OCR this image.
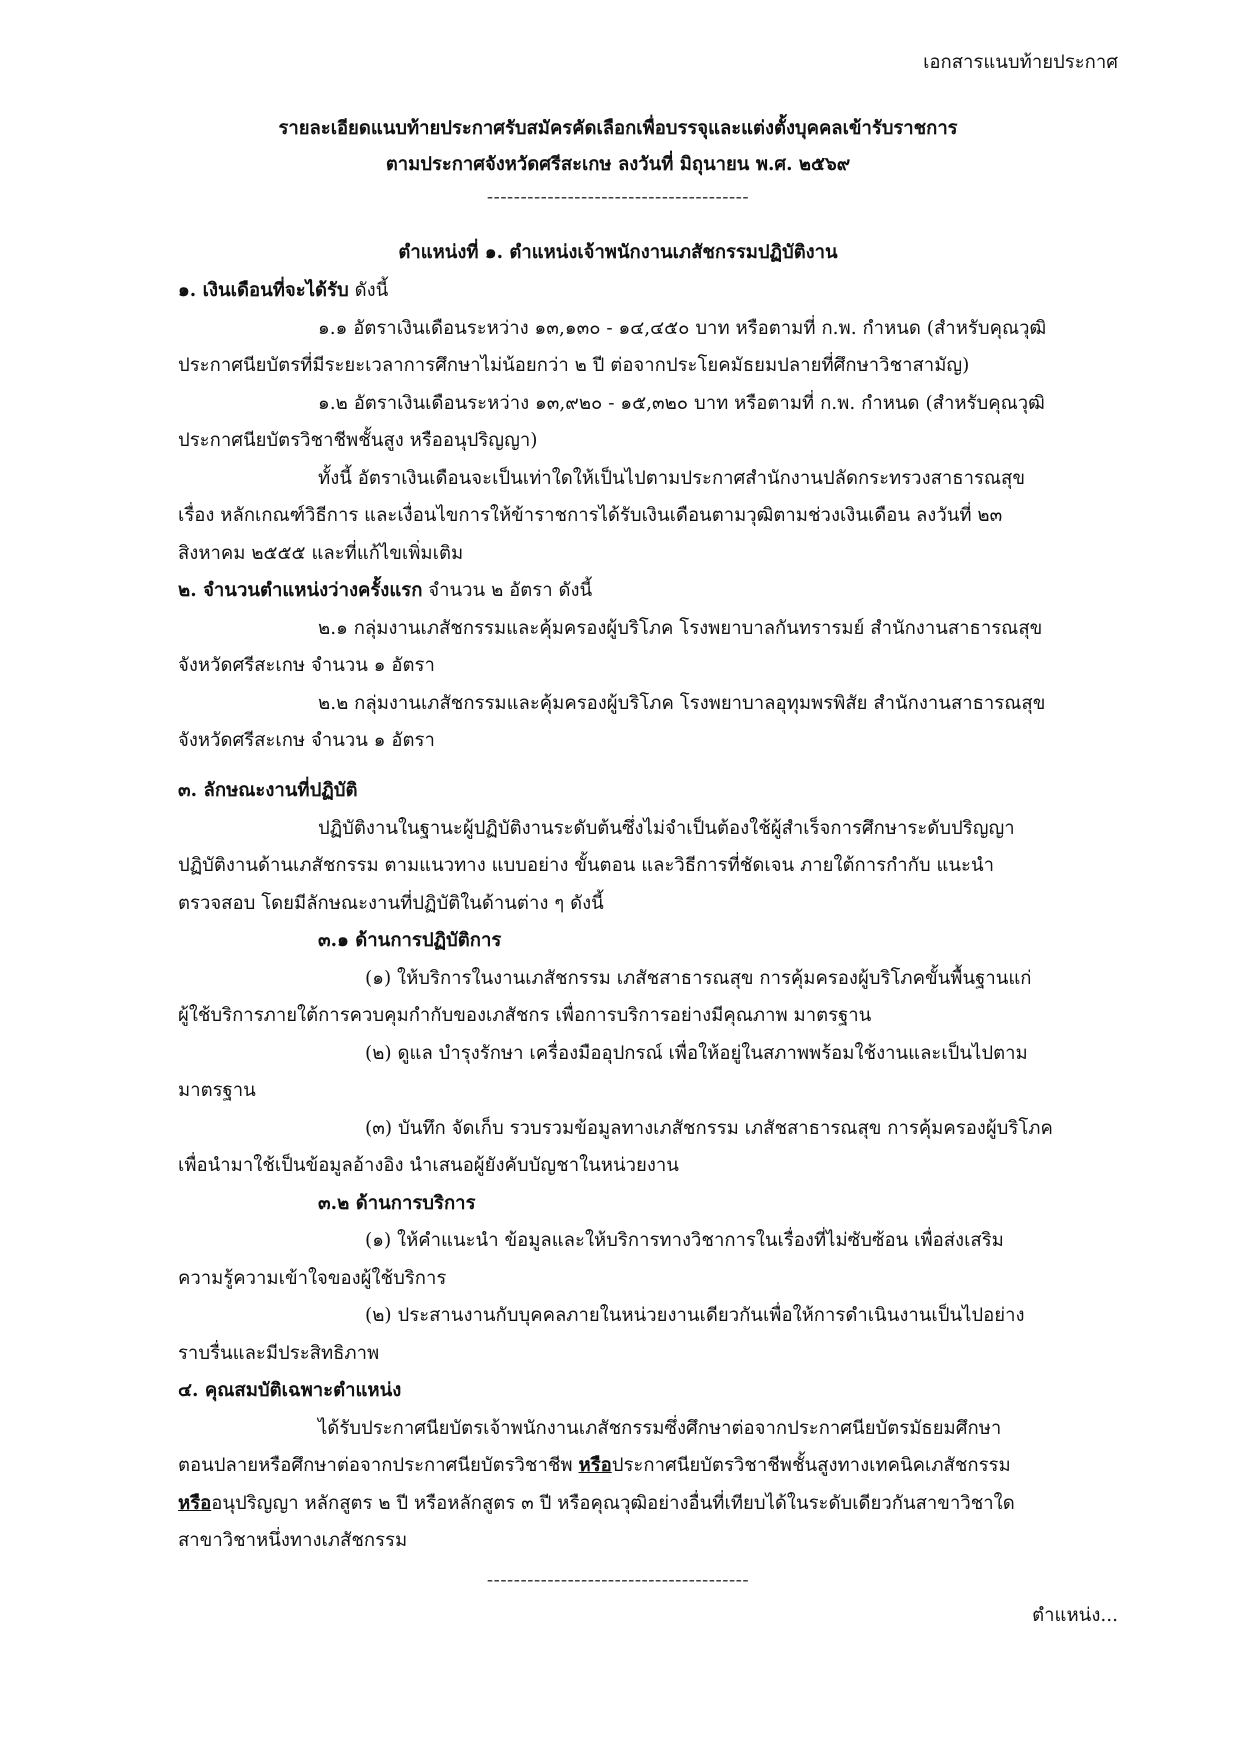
เอกสารแนบท้ายประกาศ
รายละเอียดแนบท้ายประกาศรับสมัครคัดเลือกเพื่อบรรจุและแต่งตั้งบุคคลเข้ารับราชการ
ตามประกาศจังหวัดศรีสะเกษ ลงวันที่ มิถุนายน พ.ศ. ๒๕๖๙
---------------------------------------
ตำแหน่งที่ ๑. ตำแหน่งเจ้าพนักงานเภสัชกรรมปฏิบัติงาน
๑. เงินเดือนที่จะได้รับ ดังนี้
๑.๑ อัตราเงินเดือนระหว่าง ๑๓,๑๓๐ - ๑๔,๔๕๐ บาท หรือตามที่ ก.พ. กำหนด (สำหรับคุณวุฒิ
ประกาศนียบัตรที่มีระยะเวลาการศึกษาไม่น้อยกว่า ๒ ปี ต่อจากประโยคมัธยมปลายที่ศึกษาวิชาสามัญ)
๑.๒ อัตราเงินเดือนระหว่าง ๑๓,๙๒๐ - ๑๕,๓๒๐ บาท หรือตามที่ ก.พ. กำหนด (สำหรับคุณวุฒิ
ประกาศนียบัตรวิชาชีพชั้นสูง หรืออนุปริญญา)
ทั้งนี้ อัตราเงินเดือนจะเป็นเท่าใดให้เป็นไปตามประกาศสำนักงานปลัดกระทรวงสาธารณสุข
เรื่อง หลักเกณฑ์วิธีการ และเงื่อนไขการให้ข้าราชการได้รับเงินเดือนตามวุฒิตามช่วงเงินเดือน ลงวันที่ ๒๓
สิงหาคม ๒๕๕๕ และที่แก้ไขเพิ่มเติม
๒. จำนวนตำแหน่งว่างครั้งแรก จำนวน ๒ อัตรา ดังนี้
๒.๑ กลุ่มงานเภสัชกรรมและคุ้มครองผู้บริโภค โรงพยาบาลกันทรารมย์ สำนักงานสาธารณสุข
จังหวัดศรีสะเกษ จำนวน ๑ อัตรา
๒.๒ กลุ่มงานเภสัชกรรมและคุ้มครองผู้บริโภค โรงพยาบาลอุทุมพรพิสัย สำนักงานสาธารณสุข
จังหวัดศรีสะเกษ จำนวน ๑ อัตรา
๓. ลักษณะงานที่ปฏิบัติ
ปฏิบัติงานในฐานะผู้ปฏิบัติงานระดับต้นซึ่งไม่จำเป็นต้องใช้ผู้สำเร็จการศึกษาระดับปริญญา
ปฏิบัติงานด้านเภสัชกรรม ตามแนวทาง แบบอย่าง ขั้นตอน และวิธีการที่ชัดเจน ภายใต้การกำกับ แนะนำ
ตรวจสอบ โดยมีลักษณะงานที่ปฏิบัติในด้านต่าง ๆ ดังนี้
๓.๑ ด้านการปฏิบัติการ
(๑) ให้บริการในงานเภสัชกรรม เภสัชสาธารณสุข การคุ้มครองผู้บริโภคขั้นพื้นฐานแก่
ผู้ใช้บริการภายใต้การควบคุมกำกับของเภสัชกร เพื่อการบริการอย่างมีคุณภาพ มาตรฐาน
(๒) ดูแล บำรุงรักษา เครื่องมืออุปกรณ์ เพื่อให้อยู่ในสภาพพร้อมใช้งานและเป็นไปตาม
มาตรฐาน
(๓) บันทึก จัดเก็บ รวบรวมข้อมูลทางเภสัชกรรม เภสัชสาธารณสุข การคุ้มครองผู้บริโภค
เพื่อนำมาใช้เป็นข้อมูลอ้างอิง นำเสนอผู้ยังคับบัญชาในหน่วยงาน
๓.๒ ด้านการบริการ
(๑) ให้คำแนะนำ ข้อมูลและให้บริการทางวิชาการในเรื่องที่ไม่ซับซ้อน เพื่อส่งเสริม
ความรู้ความเข้าใจของผู้ใช้บริการ
(๒) ประสานงานกับบุคคลภายในหน่วยงานเดียวกันเพื่อให้การดำเนินงานเป็นไปอย่าง
ราบรื่นและมีประสิทธิภาพ
๔. คุณสมบัติเฉพาะตำแหน่ง
ได้รับประกาศนียบัตรเจ้าพนักงานเภสัชกรรมซึ่งศึกษาต่อจากประกาศนียบัตรมัธยมศึกษา
ตอนปลายหรือศึกษาต่อจากประกาศนียบัตรวิชาชีพ หรือประกาศนียบัตรวิชาชีพชั้นสูงทางเทคนิคเภสัชกรรม
หรืออนุปริญญา หลักสูตร ๒ ปี หรือหลักสูตร ๓ ปี หรือคุณวุฒิอย่างอื่นที่เทียบได้ในระดับเดียวกันสาขาวิชาใด
สาขาวิชาหนึ่งทางเภสัชกรรม
---------------------------------------
ตำแหน่ง...
